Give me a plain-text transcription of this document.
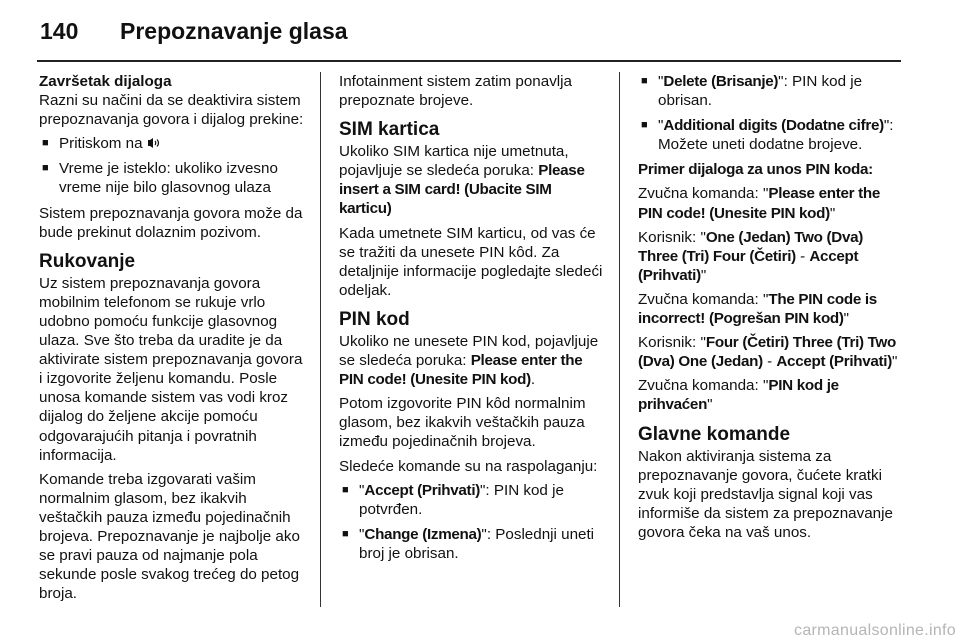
140 Prepoznavanje glasa

Završetak dijaloga

Razni su načini da se deaktivira sistem prepoznavanja govora i dijalog prekine:

■ Pritiskom na
■ Vreme je isteklo: ukoliko izvesno vreme nije bilo glasovnog ulaza

Sistem prepoznavanja govora može da bude prekinut dolaznim pozivom.

Rukovanje

Uz sistem prepoznavanja govora mobilnim telefonom se rukuje vrlo udobno pomoću funkcije glasovnog ulaza. Sve što treba da uradite je da aktivirate sistem prepoznavanja govora i izgovorite željenu komandu. Posle unosa komande sistem vas vodi kroz dijalog do željene akcije pomoću odgovarajućih pitanja i povratnih informacija.

Komande treba izgovarati vašim normalnim glasom, bez ikakvih veštačkih pauza između pojedinačnih brojeva. Prepoznavanje je najbolje ako se pravi pauza od najmanje pola sekunde posle svakog trećeg do petog broja.

Infotainment sistem zatim ponavlja prepoznate brojeve.

SIM kartica

Ukoliko SIM kartica nije umetnuta, pojavljuje se sledeća poruka: Please insert a SIM card! (Ubacite SIM karticu)

Kada umetnete SIM karticu, od vas će se tražiti da unesete PIN kôd. Za detaljnije informacije pogledajte sledeći odeljak.

PIN kod

Ukoliko ne unesete PIN kod, pojavljuje se sledeća poruka: Please enter the PIN code! (Unesite PIN kod).

Potom izgovorite PIN kôd normalnim glasom, bez ikakvih veštačkih pauza između pojedinačnih brojeva.

Sledeće komande su na raspolaganju:

■ "Accept (Prihvati)": PIN kod je potvrđen.
■ "Change (Izmena)": Poslednji uneti broj je obrisan.
■ "Delete (Brisanje)": PIN kod je obrisan.
■ "Additional digits (Dodatne cifre)": Možete uneti dodatne brojeve.

Primer dijaloga za unos PIN koda:

Zvučna komanda: "Please enter the PIN code! (Unesite PIN kod)"

Korisnik: "One (Jedan) Two (Dva) Three (Tri) Four (Četiri) - Accept (Prihvati)"

Zvučna komanda: "The PIN code is incorrect! (Pogrešan PIN kod)"

Korisnik: "Four (Četiri) Three (Tri) Two (Dva) One (Jedan) - Accept (Prihvati)"

Zvučna komanda: "PIN kod je prihvaćen"

Glavne komande

Nakon aktiviranja sistema za prepoznavanje govora, čućete kratki zvuk koji predstavlja signal koji vas informiše da sistem za prepoznavanje govora čeka na vaš unos.

carmanualsonline.info
